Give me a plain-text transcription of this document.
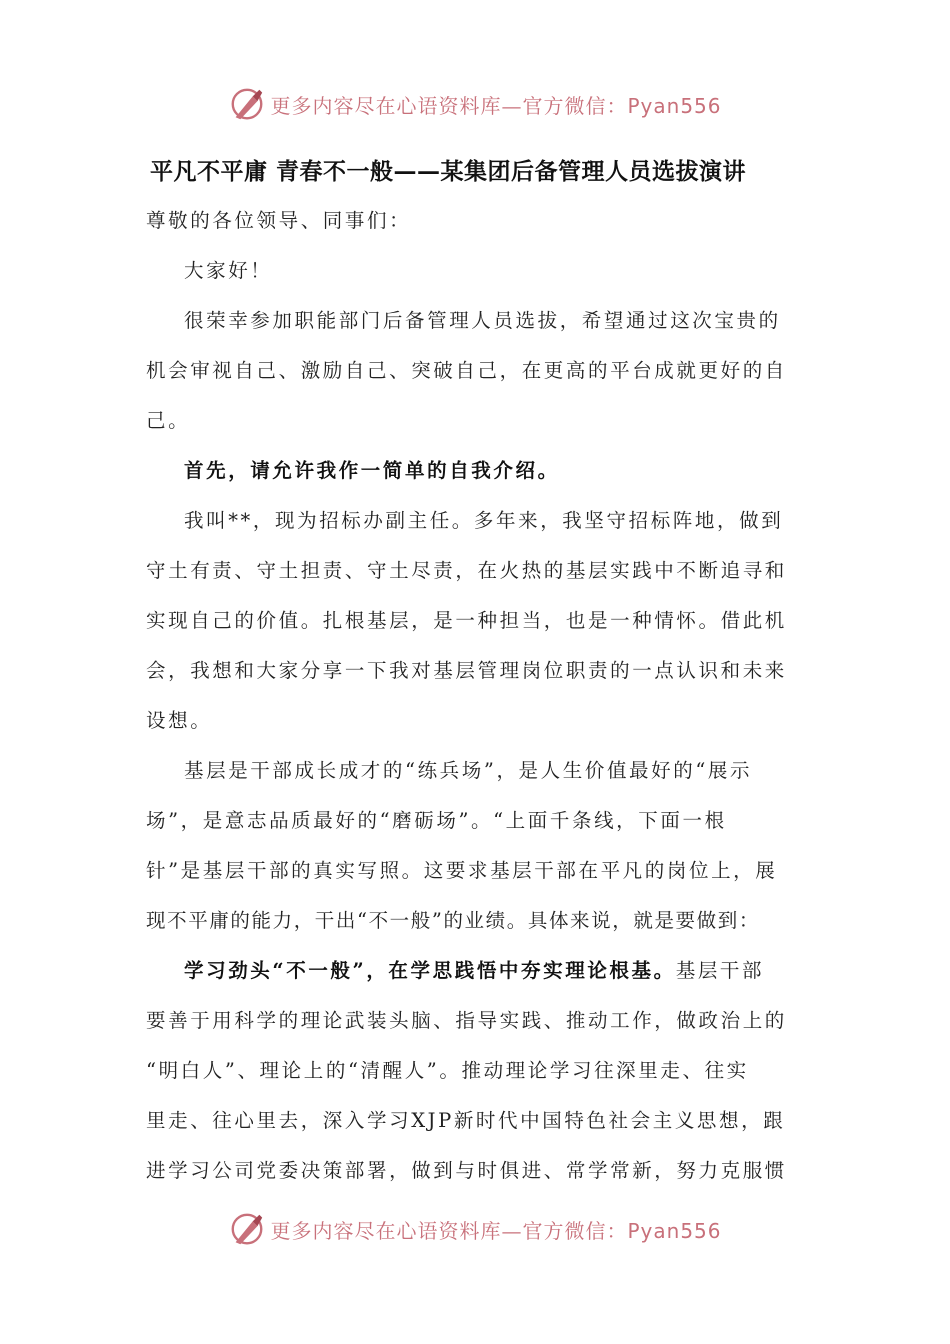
更多内容尽在心语资料库—官方微信：Pyan556
平凡不平庸 青春不一般——某集团后备管理人员选拔演讲
尊敬的各位领导、同事们：
大家好！
很荣幸参加职能部门后备管理人员选拔，希望通过这次宝贵的
机会审视自己、激励自己、突破自己，在更高的平台成就更好的自
己。
首先，请允许我作一简单的自我介绍。
我叫**，现为招标办副主任。多年来，我坚守招标阵地，做到
守土有责、守土担责、守土尽责，在火热的基层实践中不断追寻和
实现自己的价值。扎根基层，是一种担当，也是一种情怀。借此机
会，我想和大家分享一下我对基层管理岗位职责的一点认识和未来
设想。
基层是干部成长成才的“练兵场”，是人生价值最好的“展示
场”，是意志品质最好的“磨砺场”。“上面千条线，下面一根
针”是基层干部的真实写照。这要求基层干部在平凡的岗位上，展
现不平庸的能力，干出“不一般”的业绩。具体来说，就是要做到：
学习劲头“不一般”，在学思践悟中夯实理论根基。基层干部
要善于用科学的理论武装头脑、指导实践、推动工作，做政治上的
“明白人”、理论上的“清醒人”。推动理论学习往深里走、往实
里走、往心里去，深入学习XJP新时代中国特色社会主义思想，跟
进学习公司党委决策部署，做到与时俱进、常学常新，努力克服惯
更多内容尽在心语资料库—官方微信：Pyan556
